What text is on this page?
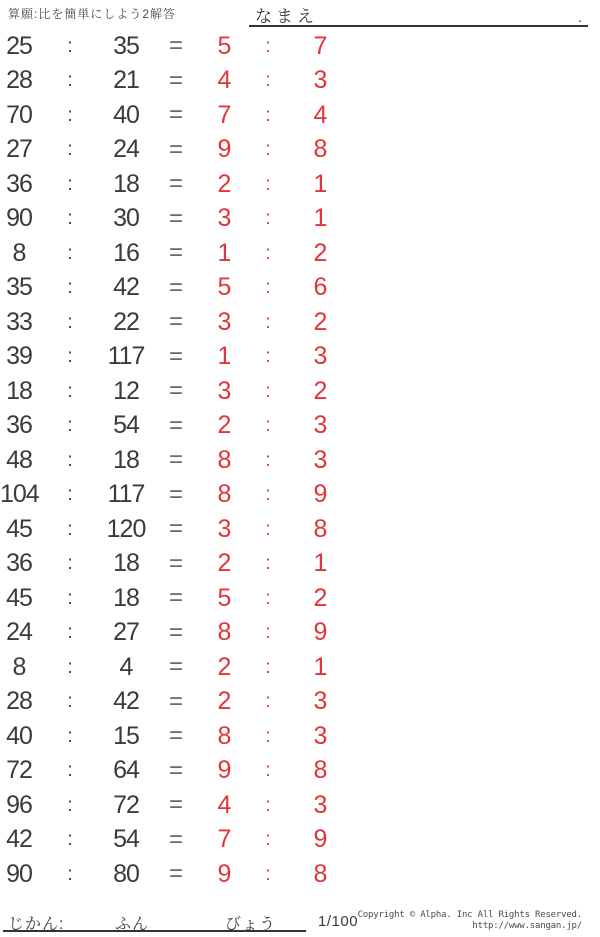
算願:比を簡単にしよう2解答	なまえ	.
25	:	35	=	5	:	7
28	:	21	=	4	:	3
70	:	40	=	7	:	4
27	:	24	=	9	:	8
36	:	18	=	2	:	1
90	:	30	=	3	:	1
8	:	16	=	1	:	2
35	:	42	=	5	:	6
33	:	22	=	3	:	2
39	:	117	=	1	:	3
18	:	12	=	3	:	2
36	:	54	=	2	:	3
48	:	18	=	8	:	3
104	:	117	=	8	:	9
45	:	120 =	3	:	8
36	:	18	=	2	:	1
45	:	18	=	5	:	2
24	:	27	=	8	:	9
8	:	4	=	2	:	1
28	:	42	=	2	:	3
40	:	15	=	8	:	3
72	:	64	=	9	:	8
96	:	72	=	4	:	3
42	:	54	=	7	:	9
90	:	80	=	9	:	8
じかん:	ふん	びょう	1/100 Copyright © Alpha. Inc All Rights Reserved.
http://www.sangan.jp/
